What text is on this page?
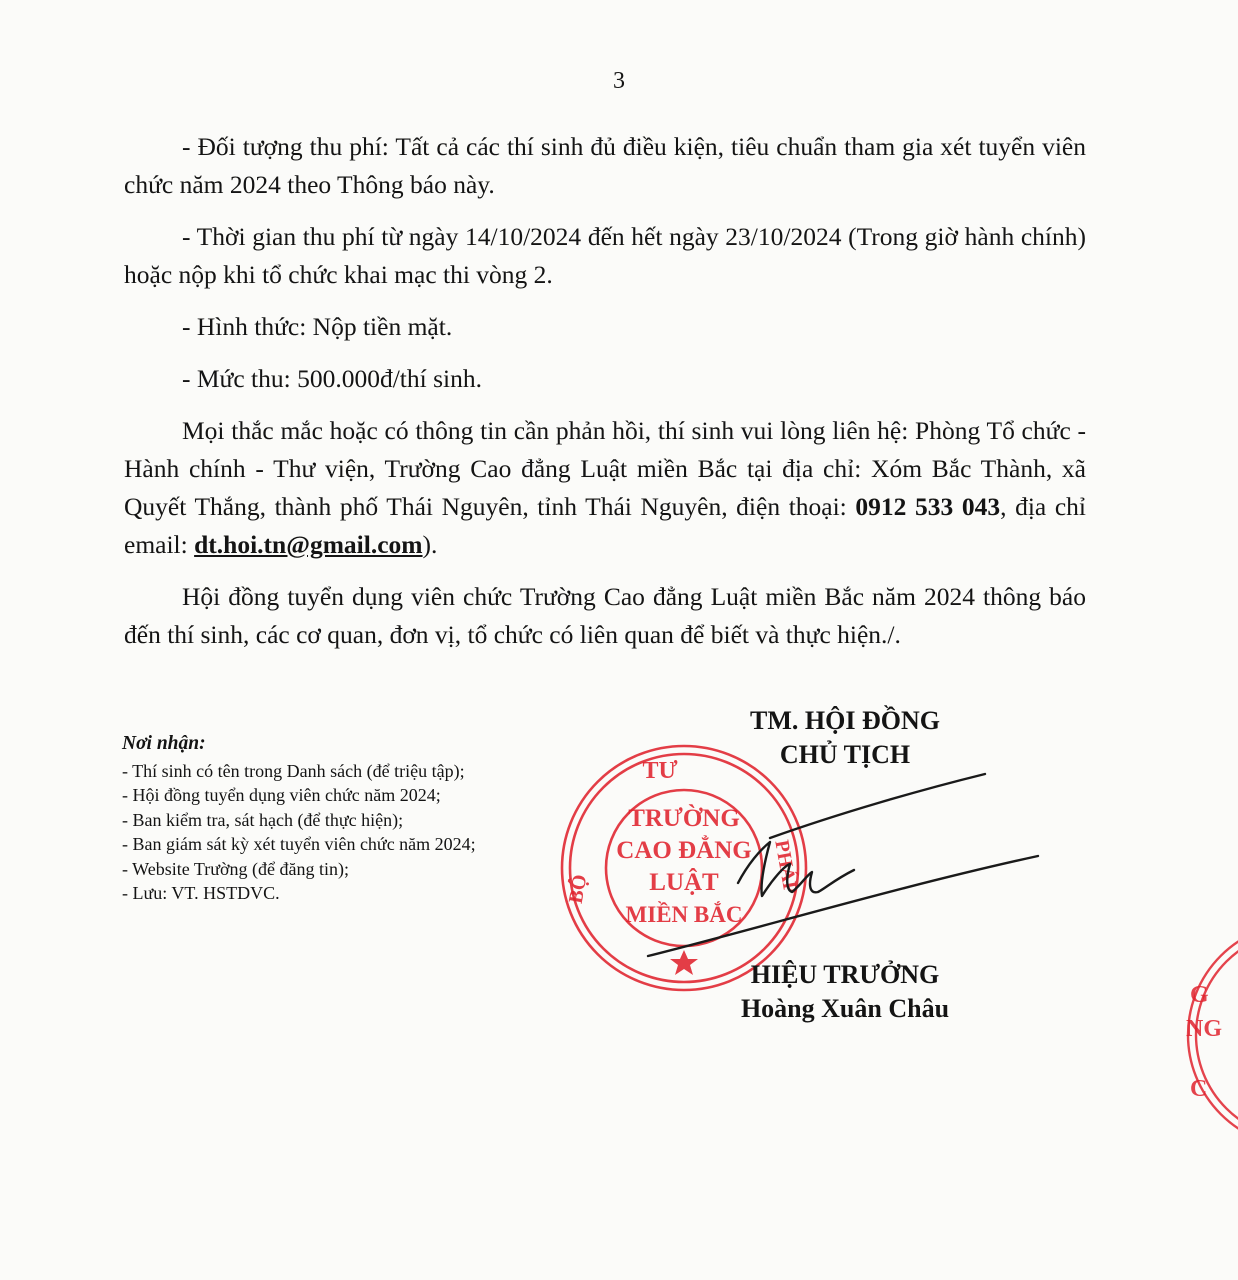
3

- Đối tượng thu phí: Tất cả các thí sinh đủ điều kiện, tiêu chuẩn tham gia xét tuyển viên chức năm 2024 theo Thông báo này.

- Thời gian thu phí từ ngày 14/10/2024 đến hết ngày 23/10/2024 (Trong giờ hành chính) hoặc nộp khi tổ chức khai mạc thi vòng 2.

- Hình thức: Nộp tiền mặt.

- Mức thu: 500.000đ/thí sinh.

Mọi thắc mắc hoặc có thông tin cần phản hồi, thí sinh vui lòng liên hệ: Phòng Tổ chức - Hành chính - Thư viện, Trường Cao đẳng Luật miền Bắc tại địa chỉ: Xóm Bắc Thành, xã Quyết Thắng, thành phố Thái Nguyên, tỉnh Thái Nguyên, điện thoại: 0912 533 043, địa chỉ email: dt.hoi.tn@gmail.com).

Hội đồng tuyển dụng viên chức Trường Cao đẳng Luật miền Bắc năm 2024 thông báo đến thí sinh, các cơ quan, đơn vị, tổ chức có liên quan để biết và thực hiện./.

Nơi nhận:
- Thí sinh có tên trong Danh sách (để triệu tập);
- Hội đồng tuyển dụng viên chức năm 2024;
- Ban kiểm tra, sát hạch (để thực hiện);
- Ban giám sát kỳ xét tuyển viên chức năm 2024;
- Website Trường (để đăng tin);
- Lưu: VT. HSTDVC.
TM. HỘI ĐỒNG
CHỦ TỊCH
TƯ
BỘ	PHÁP
TRƯỜNG
CAO ĐẲNG
LUẬT
MIỀN BẮC
HIỆU TRƯỞNG
Hoàng Xuân Châu	G
NG
C
